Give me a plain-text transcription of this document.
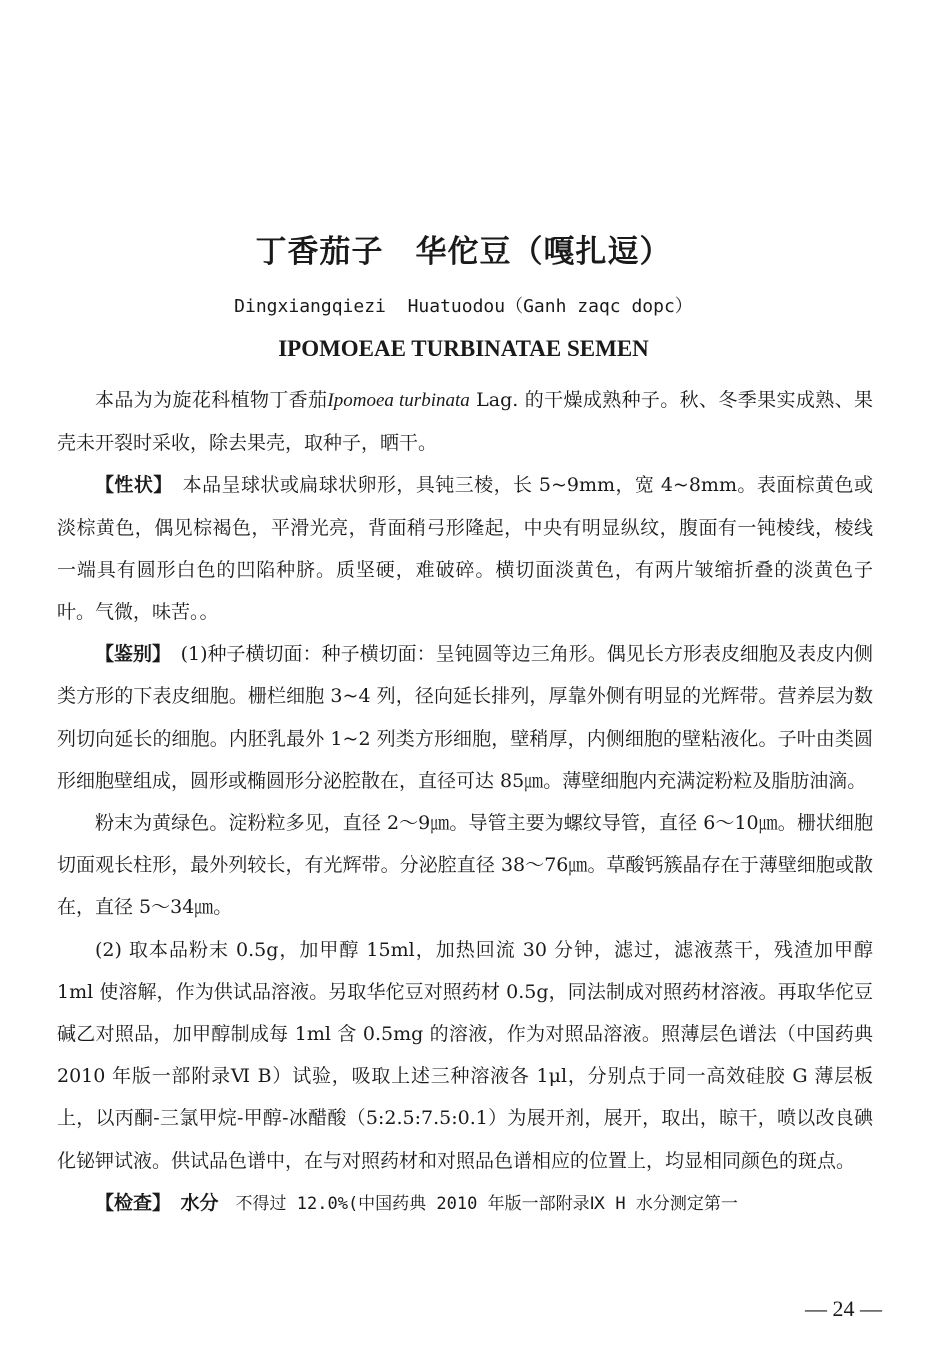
丁香茄子　华佗豆（嘎扎逗）
Dingxiangqiezi  Huatuodou（Ganh zaqc dopc）
IPOMOEAE TURBINATAE SEMEN

本品为为旋花科植物丁香茄Ipomoea turbinata Lag. 的干燥成熟种子。秋、冬季果实成熟、果壳未开裂时采收，除去果壳，取种子，晒干。

【性状】　本品呈球状或扁球状卵形，具钝三棱，长 5~9mm，宽 4~8mm。表面棕黄色或淡棕黄色，偶见棕褐色，平滑光亮，背面稍弓形隆起，中央有明显纵纹，腹面有一钝棱线，棱线一端具有圆形白色的凹陷种脐。质坚硬，难破碎。横切面淡黄色，有两片皱缩折叠的淡黄色子叶。气微，味苦。。

【鉴别】　(1)种子横切面：种子横切面：呈钝圆等边三角形。偶见长方形表皮细胞及表皮内侧类方形的下表皮细胞。栅栏细胞 3~4 列，径向延长排列，厚靠外侧有明显的光辉带。营养层为数列切向延长的细胞。内胚乳最外 1~2 列类方形细胞，壁稍厚，内侧细胞的壁粘液化。子叶由类圆形细胞壁组成，圆形或椭圆形分泌腔散在，直径可达 85㎛。薄壁细胞内充满淀粉粒及脂肪油滴。

粉末为黄绿色。淀粉粒多见，直径 2～9㎛。导管主要为螺纹导管，直径 6～10㎛。栅状细胞切面观长柱形，最外列较长，有光辉带。分泌腔直径 38～76㎛。草酸钙簇晶存在于薄壁细胞或散在，直径 5～34㎛。

(2) 取本品粉末 0.5g，加甲醇 15ml，加热回流 30 分钟，滤过，滤液蒸干，残渣加甲醇 1ml 使溶解，作为供试品溶液。另取华佗豆对照药材 0.5g，同法制成对照药材溶液。再取华佗豆碱乙对照品，加甲醇制成每 1ml 含 0.5mg 的溶液，作为对照品溶液。照薄层色谱法（中国药典 2010 年版一部附录Ⅵ B）试验，吸取上述三种溶液各 1μl，分别点于同一高效硅胶 G 薄层板上，以丙酮-三氯甲烷-甲醇-冰醋酸（5:2.5:7.5:0.1）为展开剂，展开，取出，晾干，喷以改良碘化铋钾试液。供试品色谱中，在与对照药材和对照品色谱相应的位置上，均显相同颜色的斑点。

【检查】　水分　不得过 12.0%(中国药典 2010 年版一部附录Ⅸ H 水分测定第一

— 24 —
